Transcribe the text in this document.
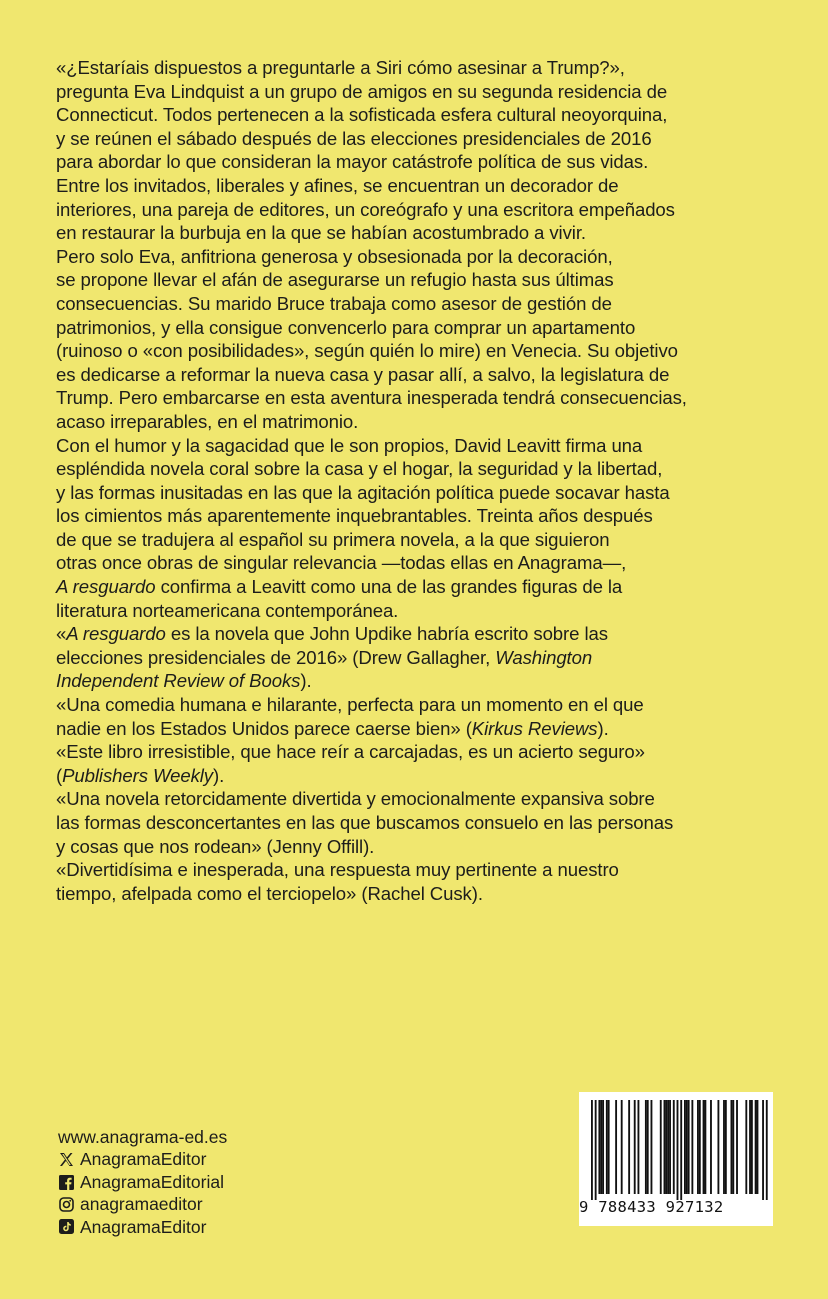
«¿Estaríais dispuestos a preguntarle a Siri cómo asesinar a Trump?»,
pregunta Eva Lindquist a un grupo de amigos en su segunda residencia de
Connecticut. Todos pertenecen a la sofisticada esfera cultural neoyorquina,
y se reúnen el sábado después de las elecciones presidenciales de 2016
para abordar lo que consideran la mayor catástrofe política de sus vidas.
Entre los invitados, liberales y afines, se encuentran un decorador de
interiores, una pareja de editores, un coreógrafo y una escritora empeñados
en restaurar la burbuja en la que se habían acostumbrado a vivir.

Pero solo Eva, anfitriona generosa y obsesionada por la decoración,
se propone llevar el afán de asegurarse un refugio hasta sus últimas
consecuencias. Su marido Bruce trabaja como asesor de gestión de
patrimonios, y ella consigue convencerlo para comprar un apartamento
(ruinoso o «con posibilidades», según quién lo mire) en Venecia. Su objetivo
es dedicarse a reformar la nueva casa y pasar allí, a salvo, la legislatura de
Trump. Pero embarcarse en esta aventura inesperada tendrá consecuencias,
acaso irreparables, en el matrimonio.

Con el humor y la sagacidad que le son propios, David Leavitt firma una
espléndida novela coral sobre la casa y el hogar, la seguridad y la libertad,
y las formas inusitadas en las que la agitación política puede socavar hasta
los cimientos más aparentemente inquebrantables. Treinta años después
de que se tradujera al español su primera novela, a la que siguieron
otras once obras de singular relevancia —todas ellas en Anagrama—,
A resguardo confirma a Leavitt como una de las grandes figuras de la
literatura norteamericana contemporánea.

«A resguardo es la novela que John Updike habría escrito sobre las
elecciones presidenciales de 2016» (Drew Gallagher, Washington
Independent Review of Books).

«Una comedia humana e hilarante, perfecta para un momento en el que
nadie en los Estados Unidos parece caerse bien» (Kirkus Reviews).

«Este libro irresistible, que hace reír a carcajadas, es un acierto seguro»
(Publishers Weekly).

«Una novela retorcidamente divertida y emocionalmente expansiva sobre
las formas desconcertantes en las que buscamos consuelo en las personas
y cosas que nos rodean» (Jenny Offill).

«Divertidísima e inesperada, una respuesta muy pertinente a nuestro
tiempo, afelpada como el terciopelo» (Rachel Cusk).

www.anagrama-ed.es
AnagramaEditor
AnagramaEditorial
anagramaeditor
AnagramaEditor
9 788433 927132
